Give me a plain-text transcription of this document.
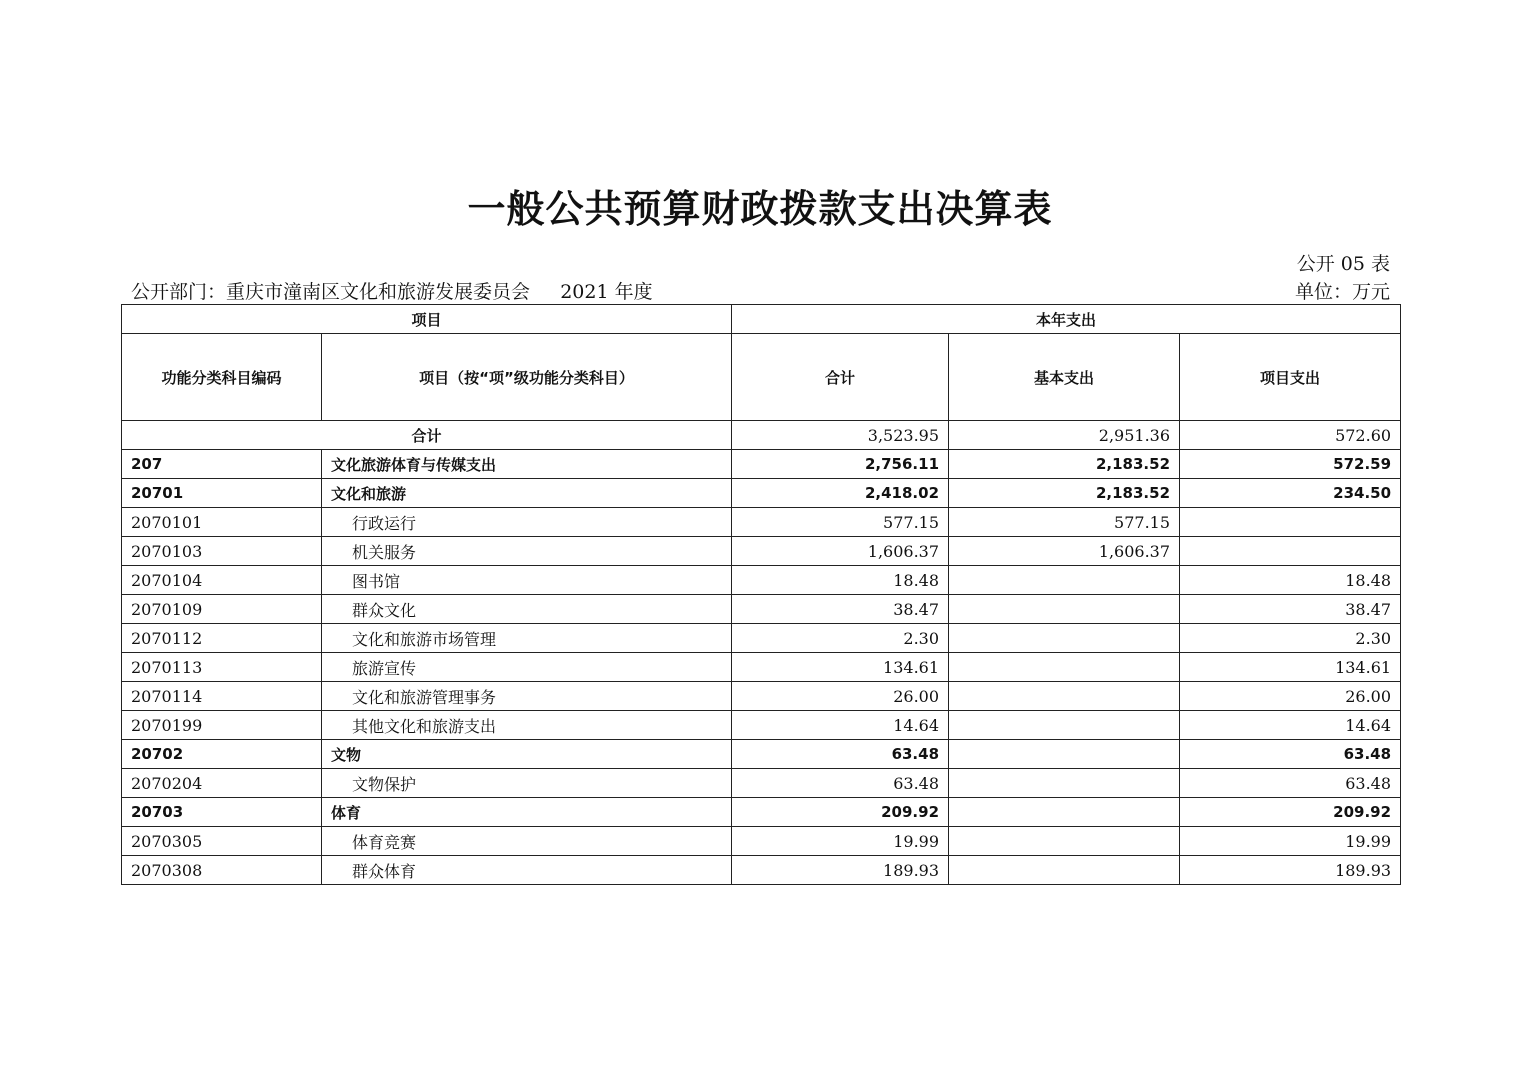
一般公共预算财政拨款支出决算表
公开 05 表
公开部门：重庆市潼南区文化和旅游发展委员会     2021 年度	单位：万元
项目		本年支出		
功能分类科目编码	项目（按“项”级功能分类科目）	合计	基本支出	项目支出
合计		3,523.95	2,951.36	572.60
207	文化旅游体育与传媒支出	2,756.11	2,183.52	572.59
20701	文化和旅游	2,418.02	2,183.52	234.50
2070101	行政运行	577.15	577.15	
2070103	机关服务	1,606.37	1,606.37	
2070104	图书馆	18.48		18.48
2070109	群众文化	38.47		38.47
2070112	文化和旅游市场管理	2.30		2.30
2070113	旅游宣传	134.61		134.61
2070114	文化和旅游管理事务	26.00		26.00
2070199	其他文化和旅游支出	14.64		14.64
20702	文物	63.48		63.48
2070204	文物保护	63.48		63.48
20703	体育	209.92		209.92
2070305	体育竞赛	19.99		19.99
2070308	群众体育	189.93		189.93
